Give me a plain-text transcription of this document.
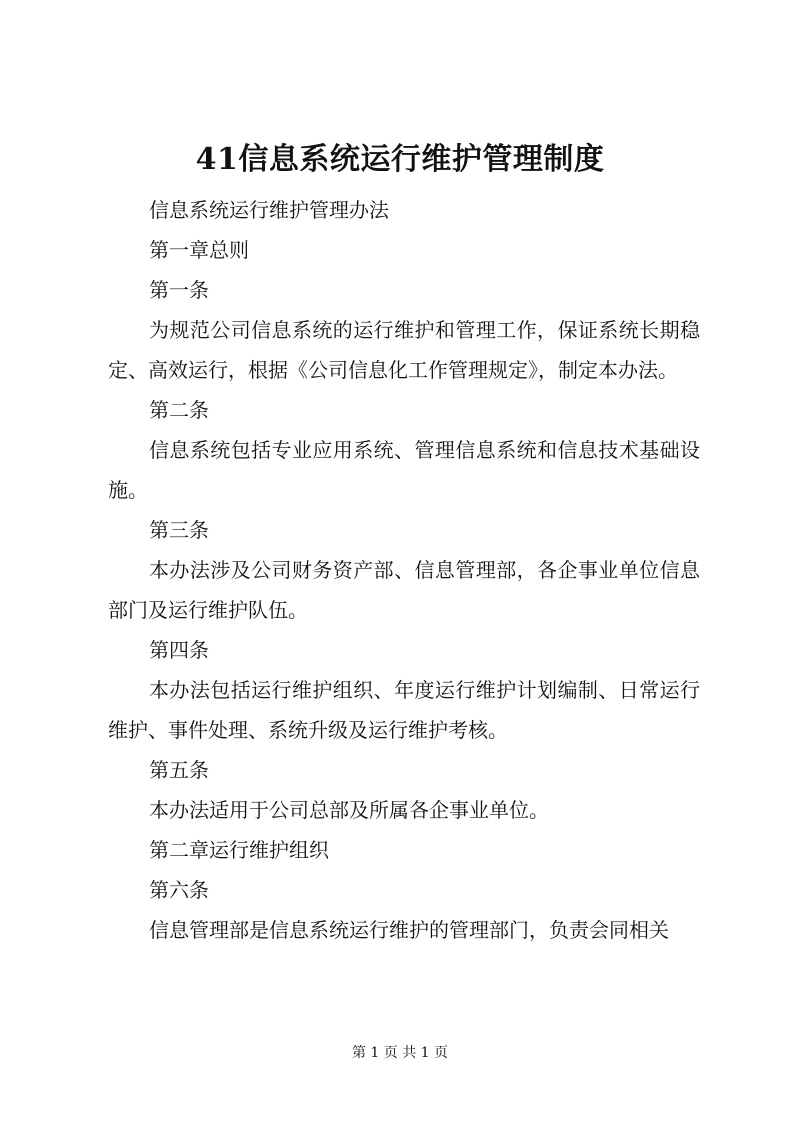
41信息系统运行维护管理制度

信息系统运行维护管理办法

第一章总则

第一条

为规范公司信息系统的运行维护和管理工作，保证系统长期稳定、高效运行，根据《公司信息化工作管理规定》，制定本办法。

第二条

信息系统包括专业应用系统、管理信息系统和信息技术基础设施。

第三条

本办法涉及公司财务资产部、信息管理部，各企事业单位信息部门及运行维护队伍。

第四条

本办法包括运行维护组织、年度运行维护计划编制、日常运行维护、事件处理、系统升级及运行维护考核。

第五条

本办法适用于公司总部及所属各企事业单位。

第二章运行维护组织

第六条

信息管理部是信息系统运行维护的管理部门，负责会同相关

第 1 页 共 1 页
